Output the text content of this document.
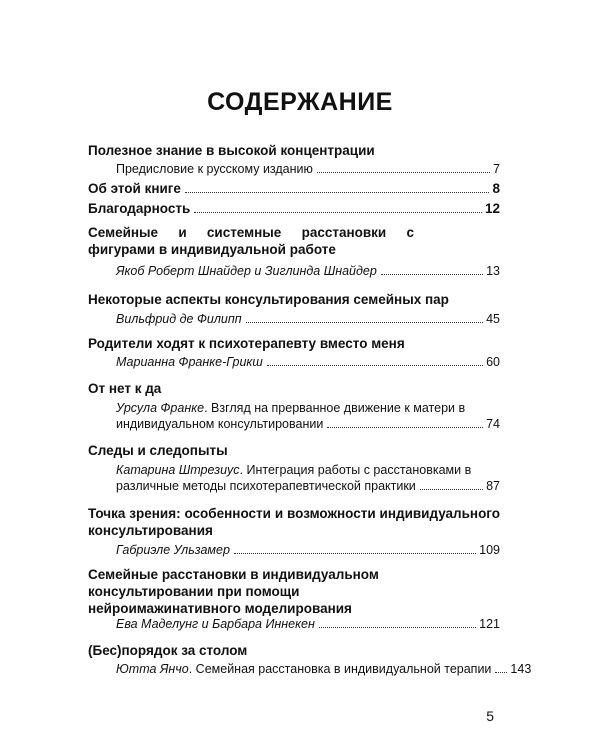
СОДЕРЖАНИЕ
Полезное знание в высокой концентрации
Предисловие к русскому изданию	7
Об этой книге	8
Благодарность	12
Семейные и системные расстановки с фигурами в индивидуальной работе
Якоб Роберт Шнайдер и Зиглинда Шнайдер	13
Некоторые аспекты консультирования семейных пар
Вильфрид де Филипп	45
Родители ходят к психотерапевту вместо меня
Марианна Франке-Грикш	60
От нет к да
Урсула Франке. Взгляд на прерванное движение к матери в
индивидуальном консультировании	74
Следы и следопыты
Катарина Штрезиус. Интеграция работы с расстановками в
различные методы психотерапевтической практики	87
Точка зрения: особенности и возможности индивидуального консультирования
Габриэле Ульзамер	109
Семейные расстановки в индивидуальном консультировании при помощи нейроимажинативного моделирования
Ева Маделунг и Барбара Иннекен	121
(Бес)порядок за столом
Ютта Янчо. Семейная расстановка в индивидуальной терапии 143
5
